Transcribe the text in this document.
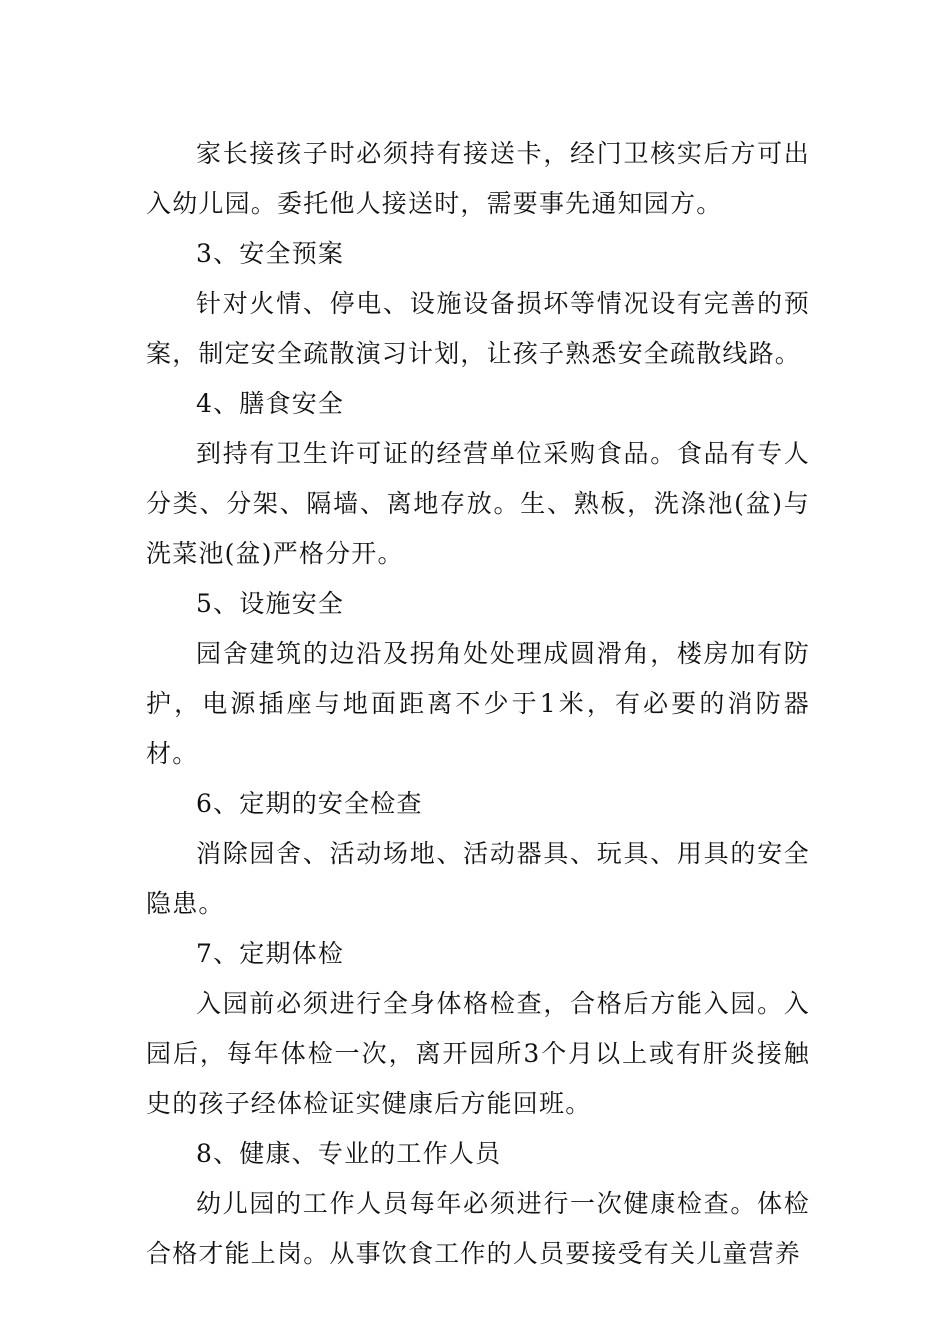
家长接孩子时必须持有接送卡，经门卫核实后方可出入幼儿园。委托他人接送时，需要事先通知园方。

3、安全预案

针对火情、停电、设施设备损坏等情况设有完善的预案，制定安全疏散演习计划，让孩子熟悉安全疏散线路。

4、膳食安全

到持有卫生许可证的经营单位采购食品。食品有专人分类、分架、隔墙、离地存放。生、熟板，洗涤池(盆)与洗菜池(盆)严格分开。

5、设施安全

园舍建筑的边沿及拐角处处理成圆滑角，楼房加有防护，电源插座与地面距离不少于1米，有必要的消防器材。

6、定期的安全检查

消除园舍、活动场地、活动器具、玩具、用具的安全隐患。

7、定期体检

入园前必须进行全身体格检查，合格后方能入园。入园后，每年体检一次，离开园所3个月以上或有肝炎接触史的孩子经体检证实健康后方能回班。

8、健康、专业的工作人员

幼儿园的工作人员每年必须进行一次健康检查。体检合格才能上岗。从事饮食工作的人员要接受有关儿童营养
